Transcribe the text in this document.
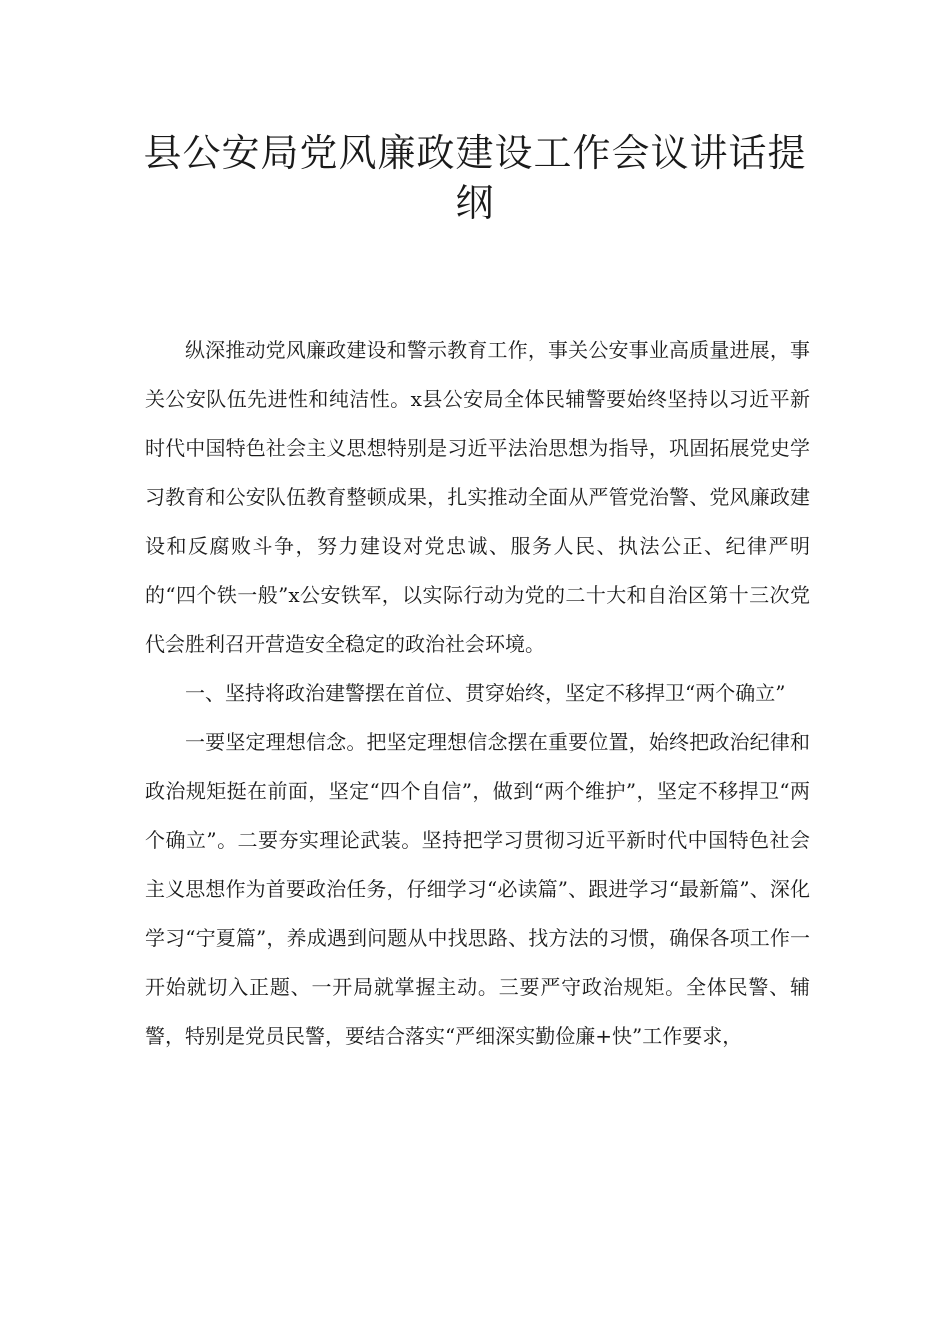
县公安局党风廉政建设工作会议讲话提纲

纵深推动党风廉政建设和警示教育工作，事关公安事业高质量进展，事关公安队伍先进性和纯洁性。x县公安局全体民辅警要始终坚持以习近平新时代中国特色社会主义思想特别是习近平法治思想为指导，巩固拓展党史学习教育和公安队伍教育整顿成果，扎实推动全面从严管党治警、党风廉政建设和反腐败斗争，努力建设对党忠诚、服务人民、执法公正、纪律严明的“四个铁一般”x公安铁军，以实际行动为党的二十大和自治区第十三次党代会胜利召开营造安全稳定的政治社会环境。

一、坚持将政治建警摆在首位、贯穿始终，坚定不移捍卫“两个确立”

一要坚定理想信念。把坚定理想信念摆在重要位置，始终把政治纪律和政治规矩挺在前面，坚定“四个自信”，做到“两个维护”，坚定不移捍卫“两个确立”。二要夯实理论武装。坚持把学习贯彻习近平新时代中国特色社会主义思想作为首要政治任务，仔细学习“必读篇”、跟进学习“最新篇”、深化学习“宁夏篇”，养成遇到问题从中找思路、找方法的习惯，确保各项工作一开始就切入正题、一开局就掌握主动。三要严守政治规矩。全体民警、辅警，特别是党员民警，要结合落实“严细深实勤俭廉+快”工作要求，
